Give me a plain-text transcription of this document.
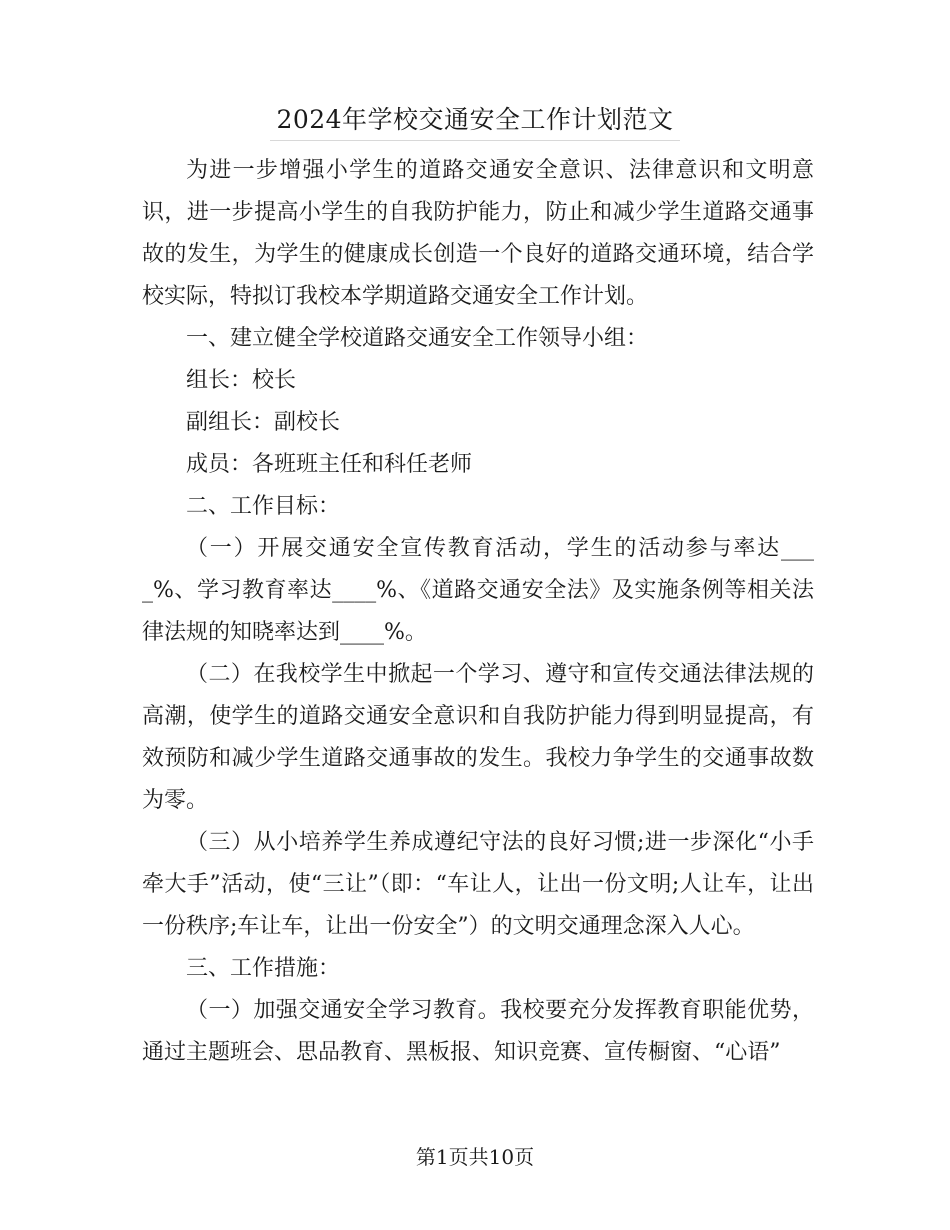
2024年学校交通安全工作计划范文

为进一步增强小学生的道路交通安全意识、法律意识和文明意识，进一步提高小学生的自我防护能力，防止和减少学生道路交通事故的发生，为学生的健康成长创造一个良好的道路交通环境，结合学校实际，特拟订我校本学期道路交通安全工作计划。

一、建立健全学校道路交通安全工作领导小组：

组长：校长

副组长：副校长

成员：各班班主任和科任老师

二、工作目标：

（一）开展交通安全宣传教育活动，学生的活动参与率达____%、学习教育率达____%、《道路交通安全法》及实施条例等相关法律法规的知晓率达到____%。

（二）在我校学生中掀起一个学习、遵守和宣传交通法律法规的高潮，使学生的道路交通安全意识和自我防护能力得到明显提高，有效预防和减少学生道路交通事故的发生。我校力争学生的交通事故数为零。

（三）从小培养学生养成遵纪守法的良好习惯;进一步深化“小手牵大手”活动，使“三让”（即：“车让人，让出一份文明;人让车，让出一份秩序;车让车，让出一份安全”）的文明交通理念深入人心。

三、工作措施：

（一）加强交通安全学习教育。我校要充分发挥教育职能优势，通过主题班会、思品教育、黑板报、知识竞赛、宣传橱窗、“心语”

第1页共10页
